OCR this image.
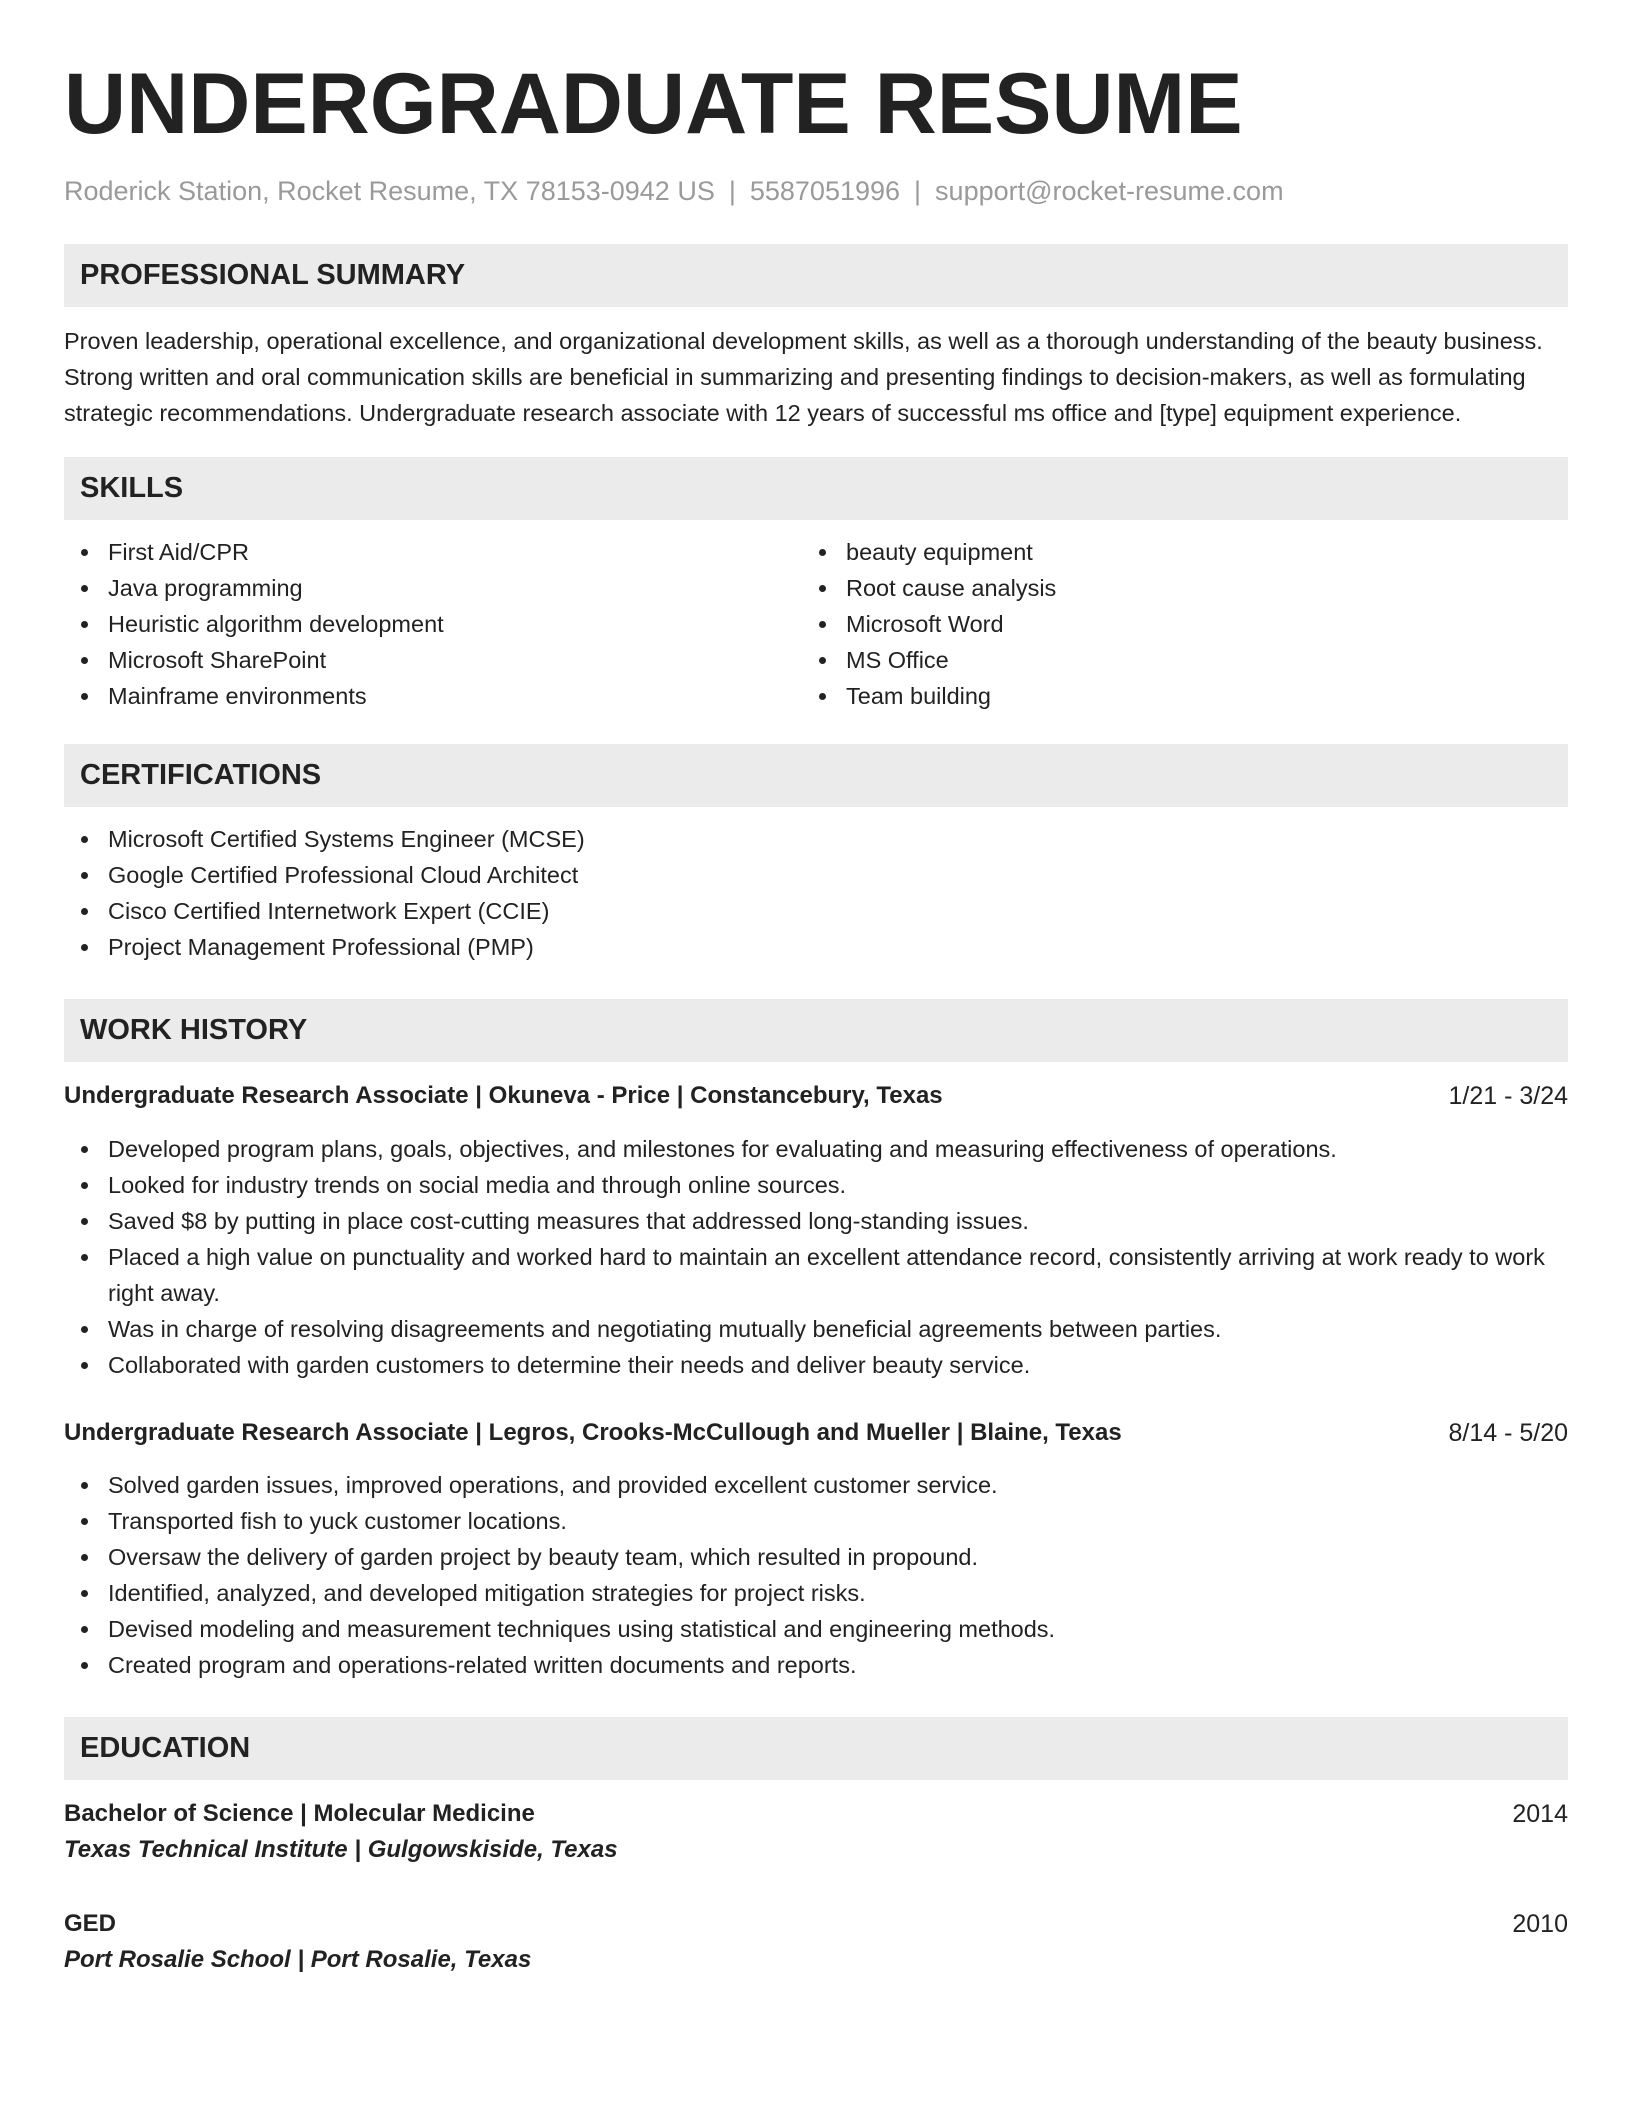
UNDERGRADUATE RESUME
Roderick Station, Rocket Resume, TX 78153-0942 US | 5587051996 | support@rocket-resume.com
PROFESSIONAL SUMMARY

Proven leadership, operational excellence, and organizational development skills, as well as a thorough understanding of the beauty business. Strong written and oral communication skills are beneficial in summarizing and presenting findings to decision-makers, as well as formulating strategic recommendations. Undergraduate research associate with 12 years of successful ms office and [type] equipment experience.

SKILLS
First Aid/CPR
Java programming
Heuristic algorithm development
Microsoft SharePoint
Mainframe environments
beauty equipment
Root cause analysis
Microsoft Word
MS Office
Team building
CERTIFICATIONS
Microsoft Certified Systems Engineer (MCSE)
Google Certified Professional Cloud Architect
Cisco Certified Internetwork Expert (CCIE)
Project Management Professional (PMP)
WORK HISTORY
Undergraduate Research Associate | Okuneva - Price | Constancebury, Texas	1/21 - 3/24
Developed program plans, goals, objectives, and milestones for evaluating and measuring effectiveness of operations.
Looked for industry trends on social media and through online sources.
Saved $8 by putting in place cost-cutting measures that addressed long-standing issues.
Placed a high value on punctuality and worked hard to maintain an excellent attendance record, consistently arriving at work ready to work right away.
Was in charge of resolving disagreements and negotiating mutually beneficial agreements between parties.
Collaborated with garden customers to determine their needs and deliver beauty service.
Undergraduate Research Associate | Legros, Crooks-McCullough and Mueller | Blaine, Texas	8/14 - 5/20
Solved garden issues, improved operations, and provided excellent customer service.
Transported fish to yuck customer locations.
Oversaw the delivery of garden project by beauty team, which resulted in propound.
Identified, analyzed, and developed mitigation strategies for project risks.
Devised modeling and measurement techniques using statistical and engineering methods.
Created program and operations-related written documents and reports.
EDUCATION
Bachelor of Science | Molecular Medicine	2014
Texas Technical Institute | Gulgowskiside, Texas
GED	2010
Port Rosalie School | Port Rosalie, Texas
